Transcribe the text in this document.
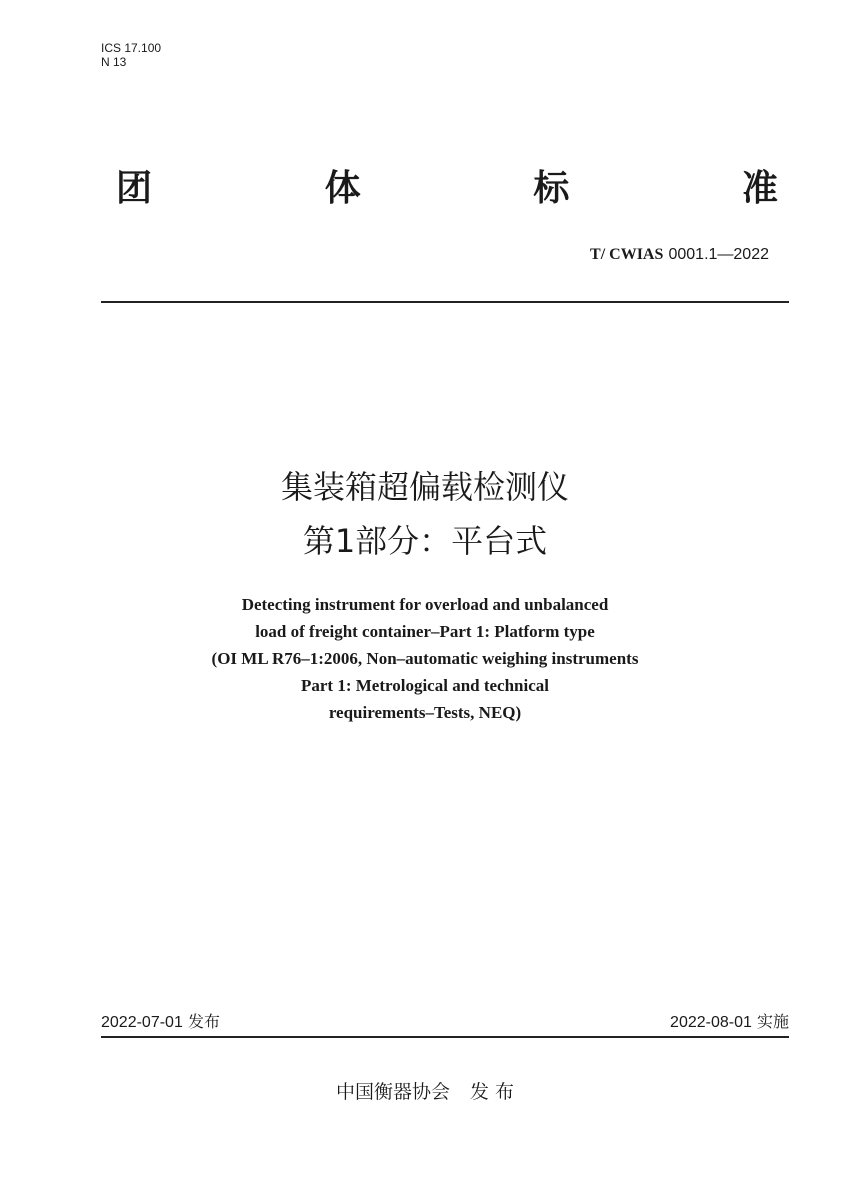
ICS 17.100
N 13
团	体	标	准
T/ CWIAS 0001.1—2022
集装箱超偏载检测仪
第1部分：平台式
Detecting instrument for overload and unbalanced
load of freight container–Part 1: Platform type
(OI ML R76–1:2006, Non–automatic weighing instruments
Part 1: Metrological and technical
requirements–Tests, NEQ)
2022-07-01 发布	2022-08-01 实施
中国衡器协会 发 布
